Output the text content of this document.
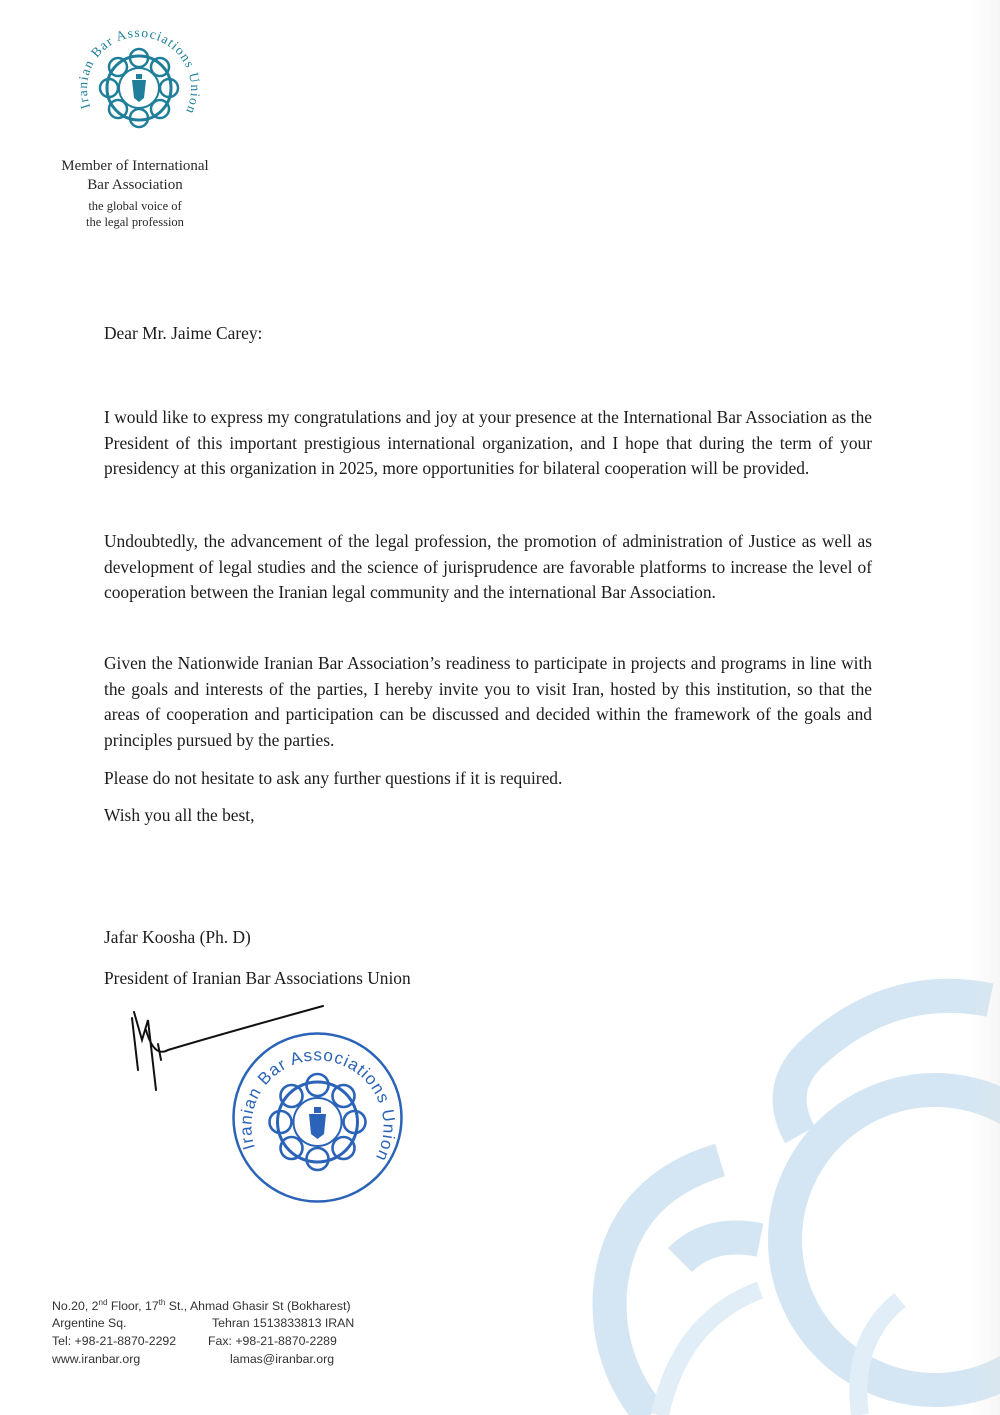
Iranian Bar Associations Union
Member of International
Bar Association
the global voice of
the legal profession
Dear Mr. Jaime Carey:
I would like to express my congratulations and joy at your presence at the International Bar Association as the President of this important prestigious international organization, and I hope that during the term of your presidency at this organization in 2025, more opportunities for bilateral cooperation will be provided.
Undoubtedly, the advancement of the legal profession, the promotion of administration of Justice as well as development of legal studies and the science of jurisprudence are favorable platforms to increase the level of cooperation between the Iranian legal community and the international Bar Association.
Given the Nationwide Iranian Bar Association’s readiness to participate in projects and programs in line with the goals and interests of the parties, I hereby invite you to visit Iran, hosted by this institution, so that the areas of cooperation and participation can be discussed and decided within the framework of the goals and principles pursued by the parties.
Please do not hesitate to ask any further questions if it is required.
Wish you all the best,
Jafar Koosha (Ph. D)
President of Iranian Bar Associations Union
Iranian Bar Associations Union
No.20, 2nd Floor, 17th St., Ahmad Ghasir St (Bokharest)
Argentine Sq.	Tehran 1513833813 IRAN
Tel: +98-21-8870-2292	Fax: +98-21-8870-2289
www.iranbar.org	lamas@iranbar.org
